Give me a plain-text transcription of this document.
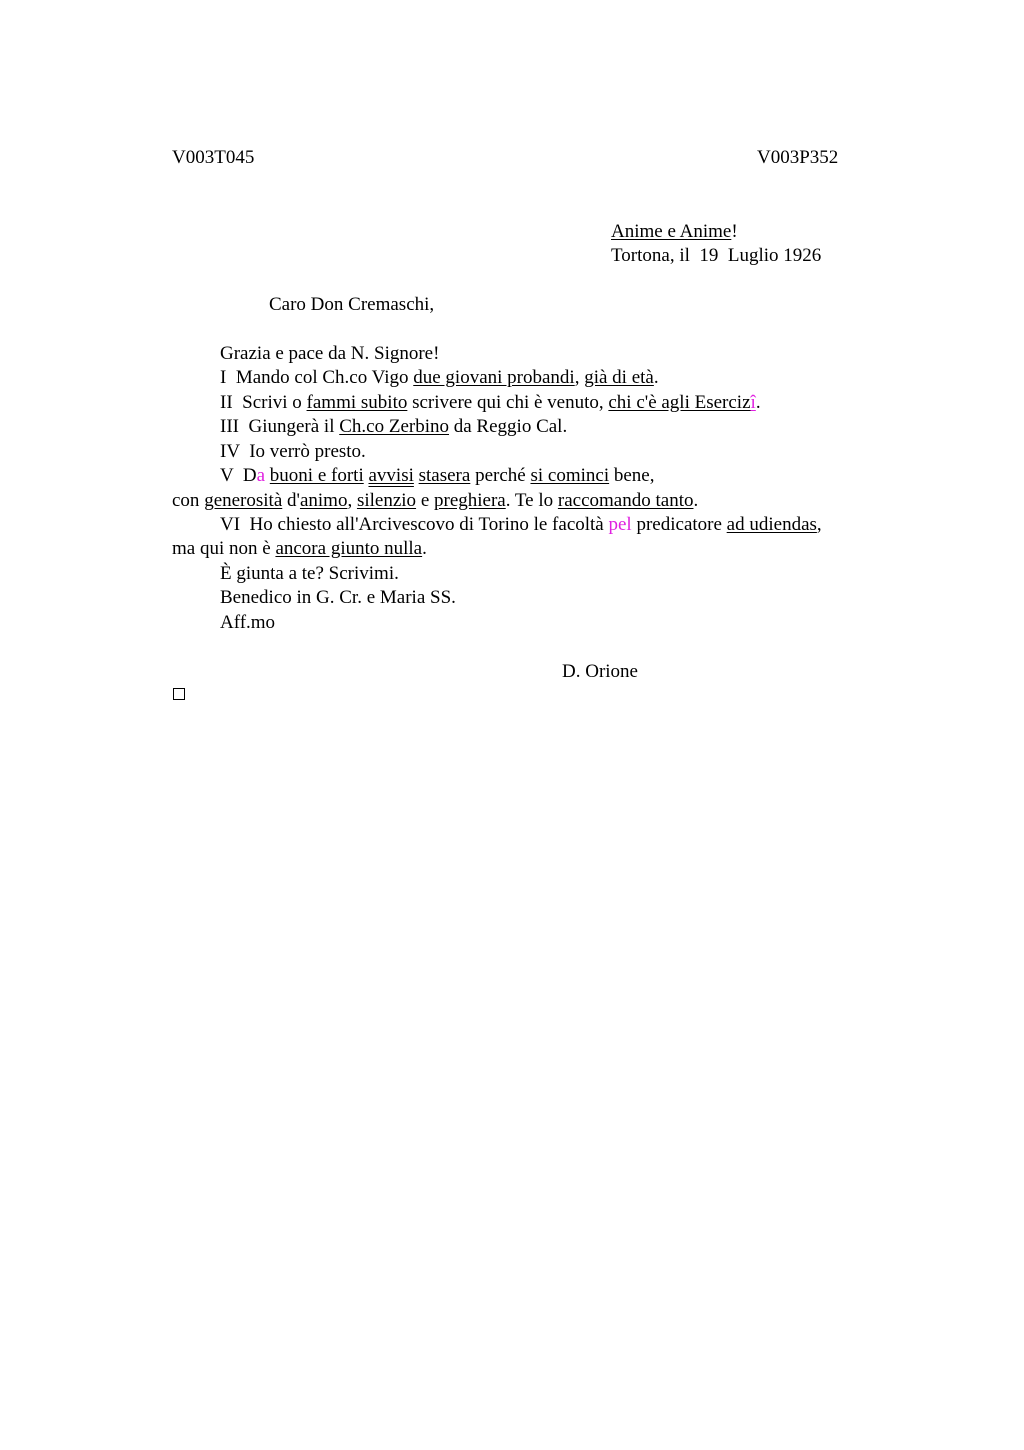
V003T045	V003P352
Anime e Anime!
Tortona, il  19  Luglio 1926
Caro Don Cremaschi,
Grazia e pace da N. Signore!
I  Mando col Ch.co Vigo due giovani probandi, già di età.
II  Scrivi o fammi subito scrivere qui chi è venuto, chi c'è agli Esercizî.
III  Giungerà il Ch.co Zerbino da Reggio Cal.
IV  Io verrò presto.
V  Da buoni e forti avvisi stasera perché si cominci bene,
con generosità d'animo, silenzio e preghiera. Te lo raccomando tanto.
VI  Ho chiesto all'Arcivescovo di Torino le facoltà pel predicatore ad udiendas,
ma qui non è ancora giunto nulla.
È giunta a te? Scrivimi.
Benedico in G. Cr. e Maria SS.
Aff.mo
D. Orione
